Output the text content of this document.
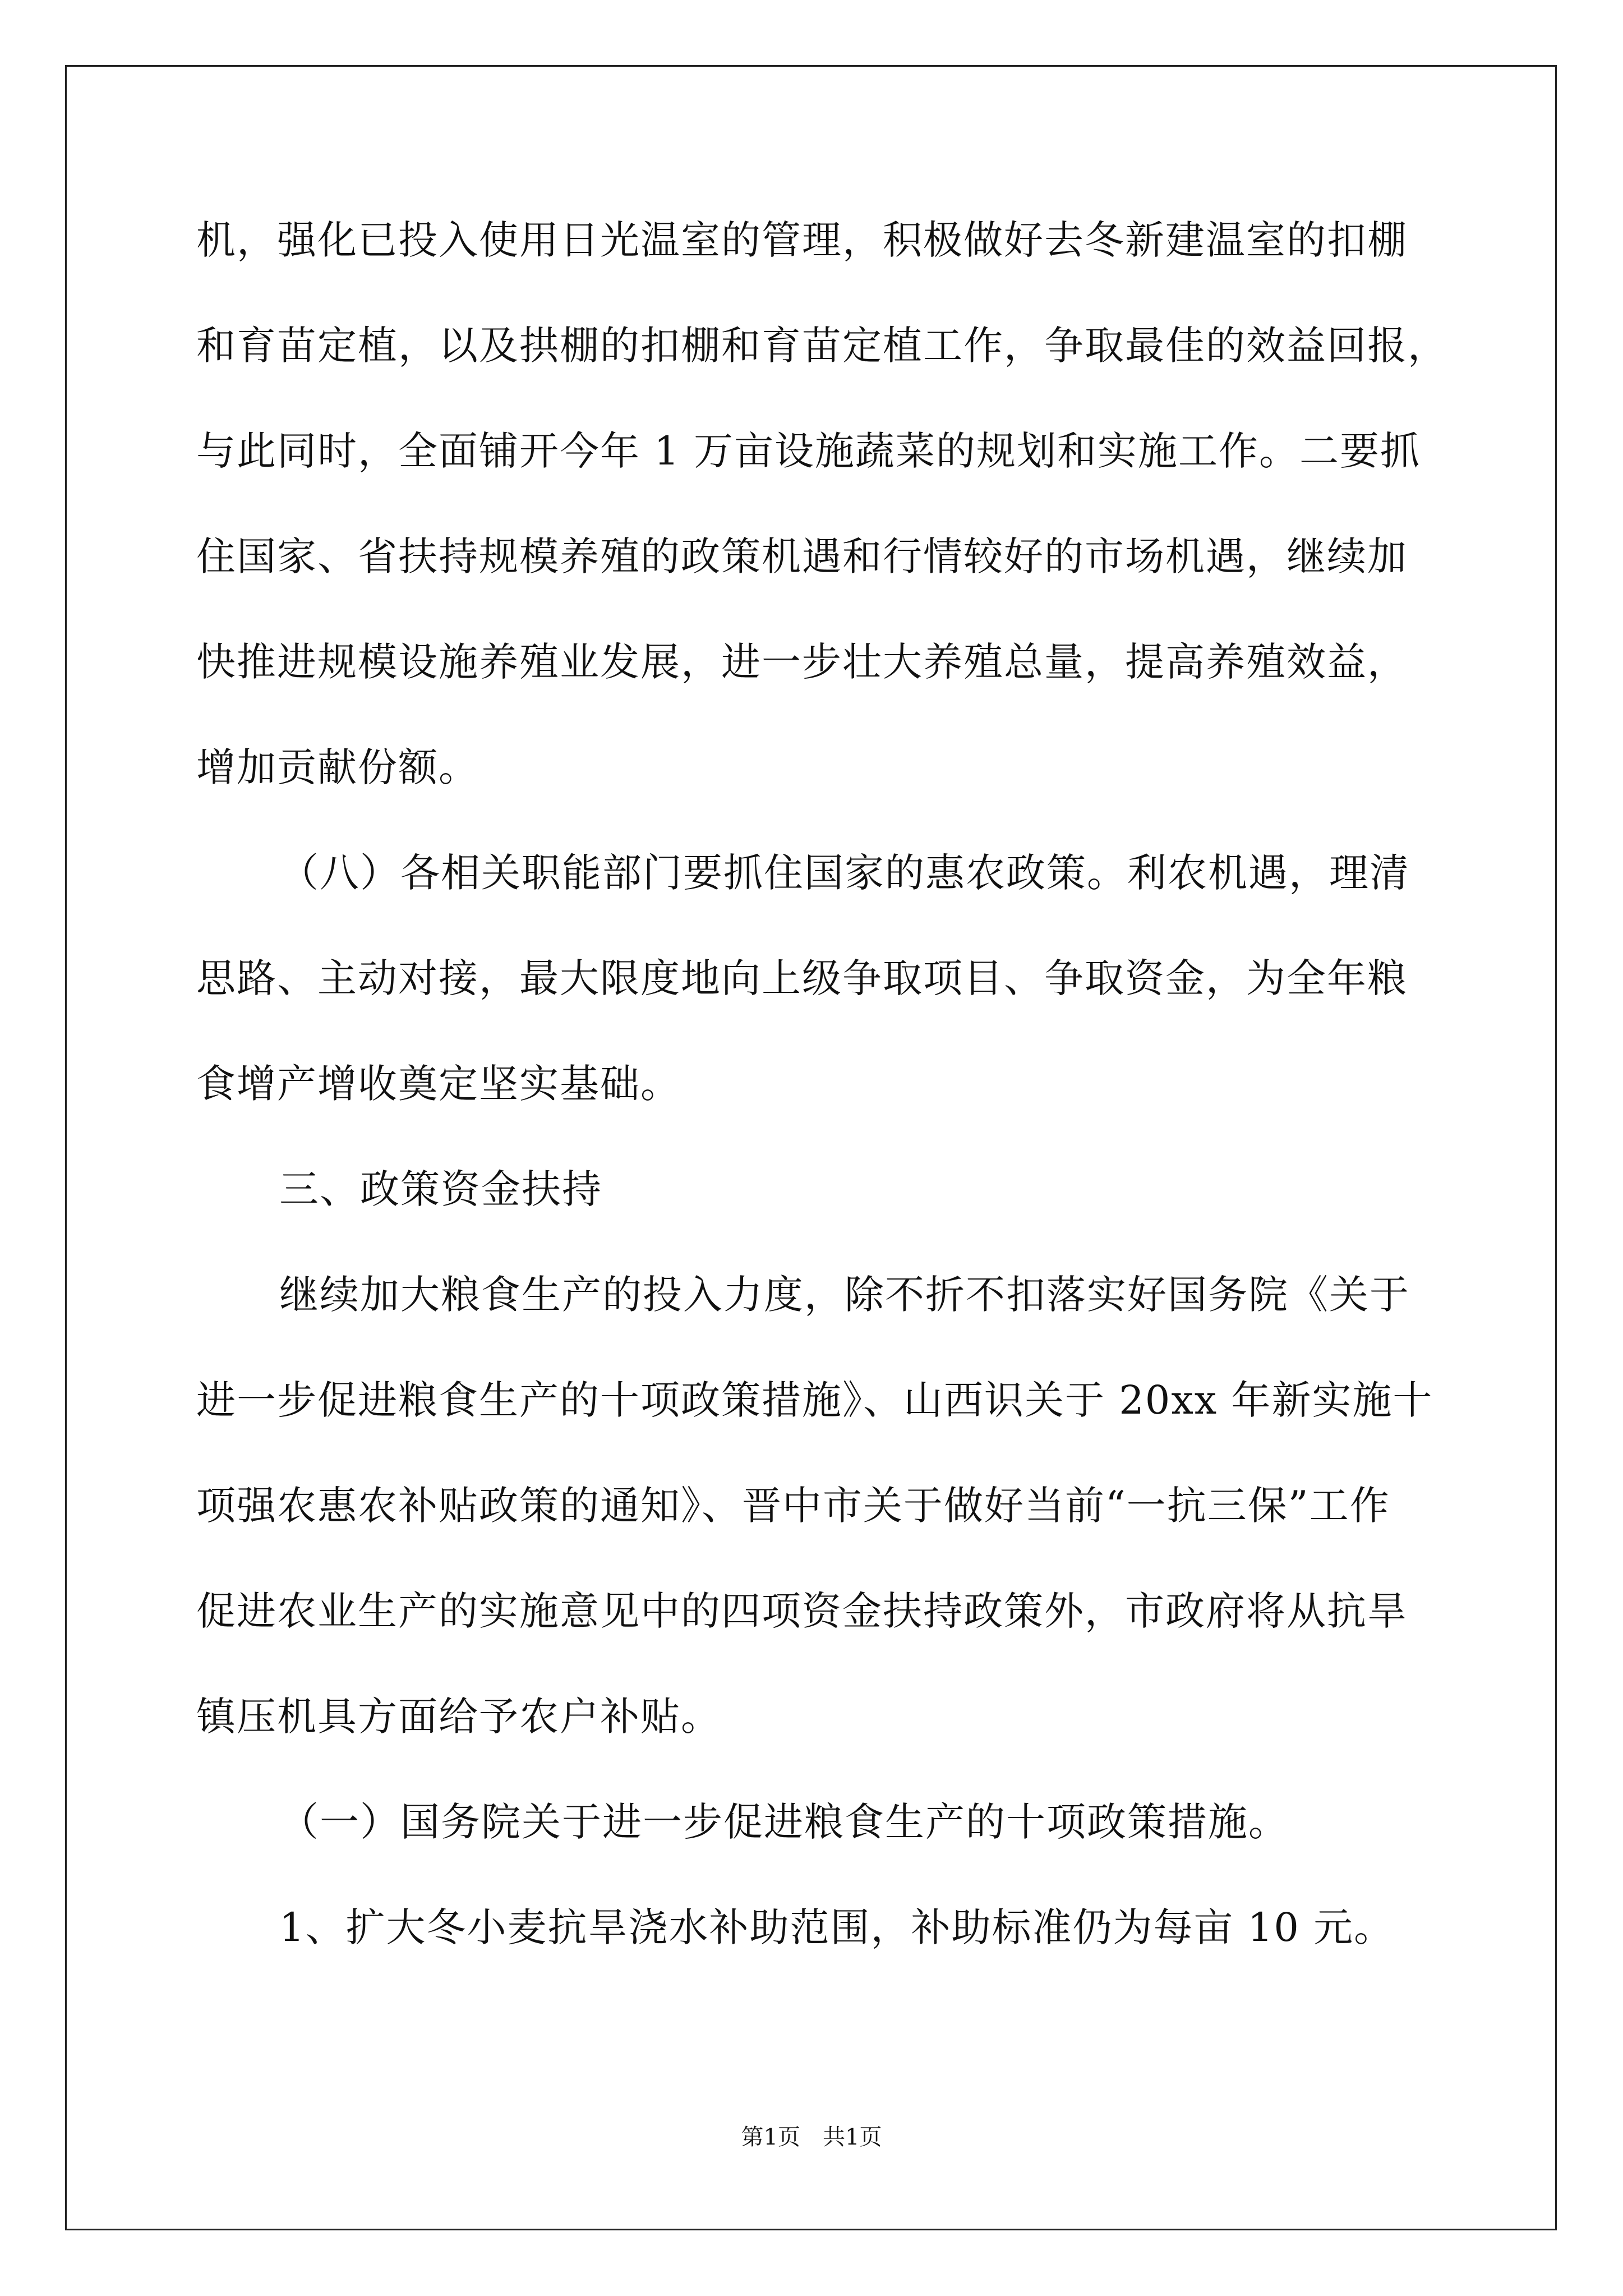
机，强化已投入使用日光温室的管理，积极做好去冬新建温室的扣棚
和育苗定植，以及拱棚的扣棚和育苗定植工作，争取最佳的效益回报，
与此同时，全面铺开今年 1 万亩设施蔬菜的规划和实施工作。二要抓
住国家、省扶持规模养殖的政策机遇和行情较好的市场机遇，继续加
快推进规模设施养殖业发展，进一步壮大养殖总量，提高养殖效益，
增加贡献份额。
（八）各相关职能部门要抓住国家的惠农政策。利农机遇，理清
思路、主动对接，最大限度地向上级争取项目、争取资金，为全年粮
食增产增收奠定坚实基础。
三、政策资金扶持
继续加大粮食生产的投入力度，除不折不扣落实好国务院《关于
进一步促进粮食生产的十项政策措施》、山西识关于 20xx 年新实施十
项强农惠农补贴政策的通知》、晋中市关于做好当前“一抗三保”工作
促进农业生产的实施意见中的四项资金扶持政策外，市政府将从抗旱
镇压机具方面给予农户补贴。
（一）国务院关于进一步促进粮食生产的十项政策措施。
1、扩大冬小麦抗旱浇水补助范围，补助标准仍为每亩 10 元。
第1页　共1页
